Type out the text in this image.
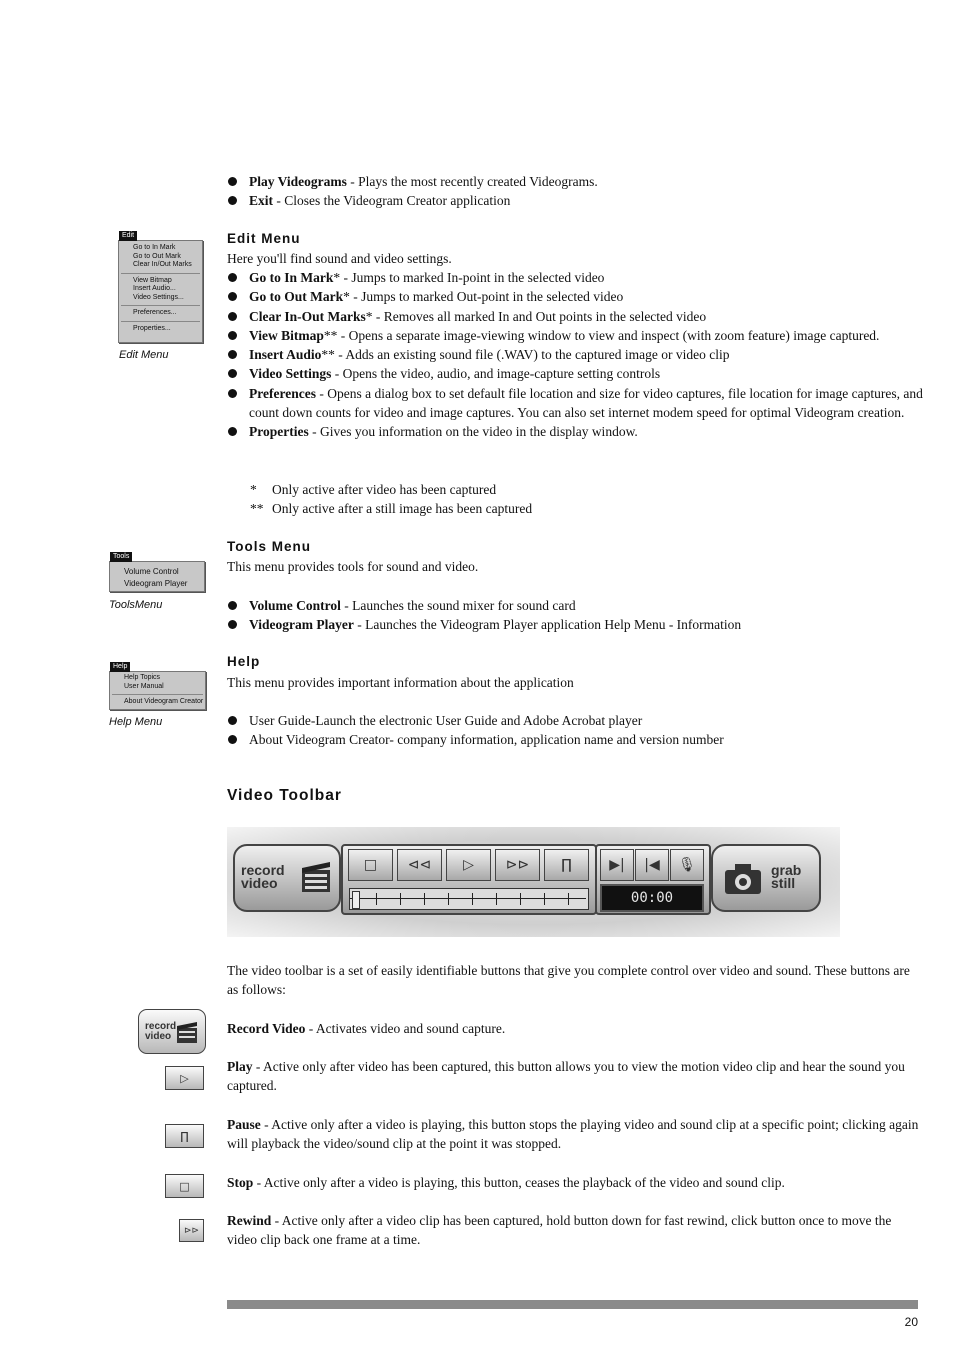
Play Videograms - Plays the most recently created Videograms.
Exit - Closes the Videogram Creator application
Edit
Go to In Mark
Go to Out Mark
Clear In/Out Marks
View Bitmap
Insert Audio...
Video Settings...
Preferences...
Properties...
Edit Menu
Edit Menu
Here you'll find sound and video settings.
Go to In Mark* - Jumps to marked In-point in the selected video
Go to Out Mark* - Jumps to marked Out-point in the selected video
Clear In-Out Marks* - Removes all marked In and Out points in the selected video
View Bitmap** - Opens a separate image-viewing window to view and inspect (with zoom feature) image captured.
Insert Audio** - Adds an existing sound file (.WAV) to the captured image or video clip
Video Settings - Opens the video, audio, and image-capture setting controls
Preferences - Opens a dialog box to set default file location and size for video captures, file location for image captures, and count down counts for video and image captures. You can also set internet modem speed for optimal Videogram creation.
Properties - Gives you information on the video in the display window.
*	Only active after video has been captured
** Only active after a still image has been captured
Tools
Volume Control
Videogram Player
ToolsMenu
Tools Menu
This menu provides tools for sound and video.
Volume Control - Launches the sound mixer for sound card
Videogram Player - Launches the Videogram Player application Help Menu - Information
Help
Help Topics
User Manual
About Videogram Creator
Help Menu
Help
This menu provides important information about the application
User Guide-Launch the electronic User Guide and Adobe Acrobat player
About Videogram Creator- company information, application name and version number
Video Toolbar
record video
□ ⊲⊲ ▷ ⊳⊳ ∏	▶| |◀ 🎙
00:00
grab still
The video toolbar is a set of easily identifiable buttons that give you complete control over video and sound. These buttons are as follows:
record video
▷
∏
□
⊳⊳
Record Video - Activates video and sound capture.
Play - Active only after video has been captured, this button allows you to view the motion video clip and hear the sound you captured.
Pause - Active only after a video is playing, this button stops the playing video and sound clip at a specific point; clicking again will playback the video/sound clip at the point it was stopped.
Stop - Active only after a video is playing, this button, ceases the playback of the video and sound clip.
Rewind - Active only after a video clip has been captured, hold button down for fast rewind, click button once to move the video clip back one frame at a time.
20
